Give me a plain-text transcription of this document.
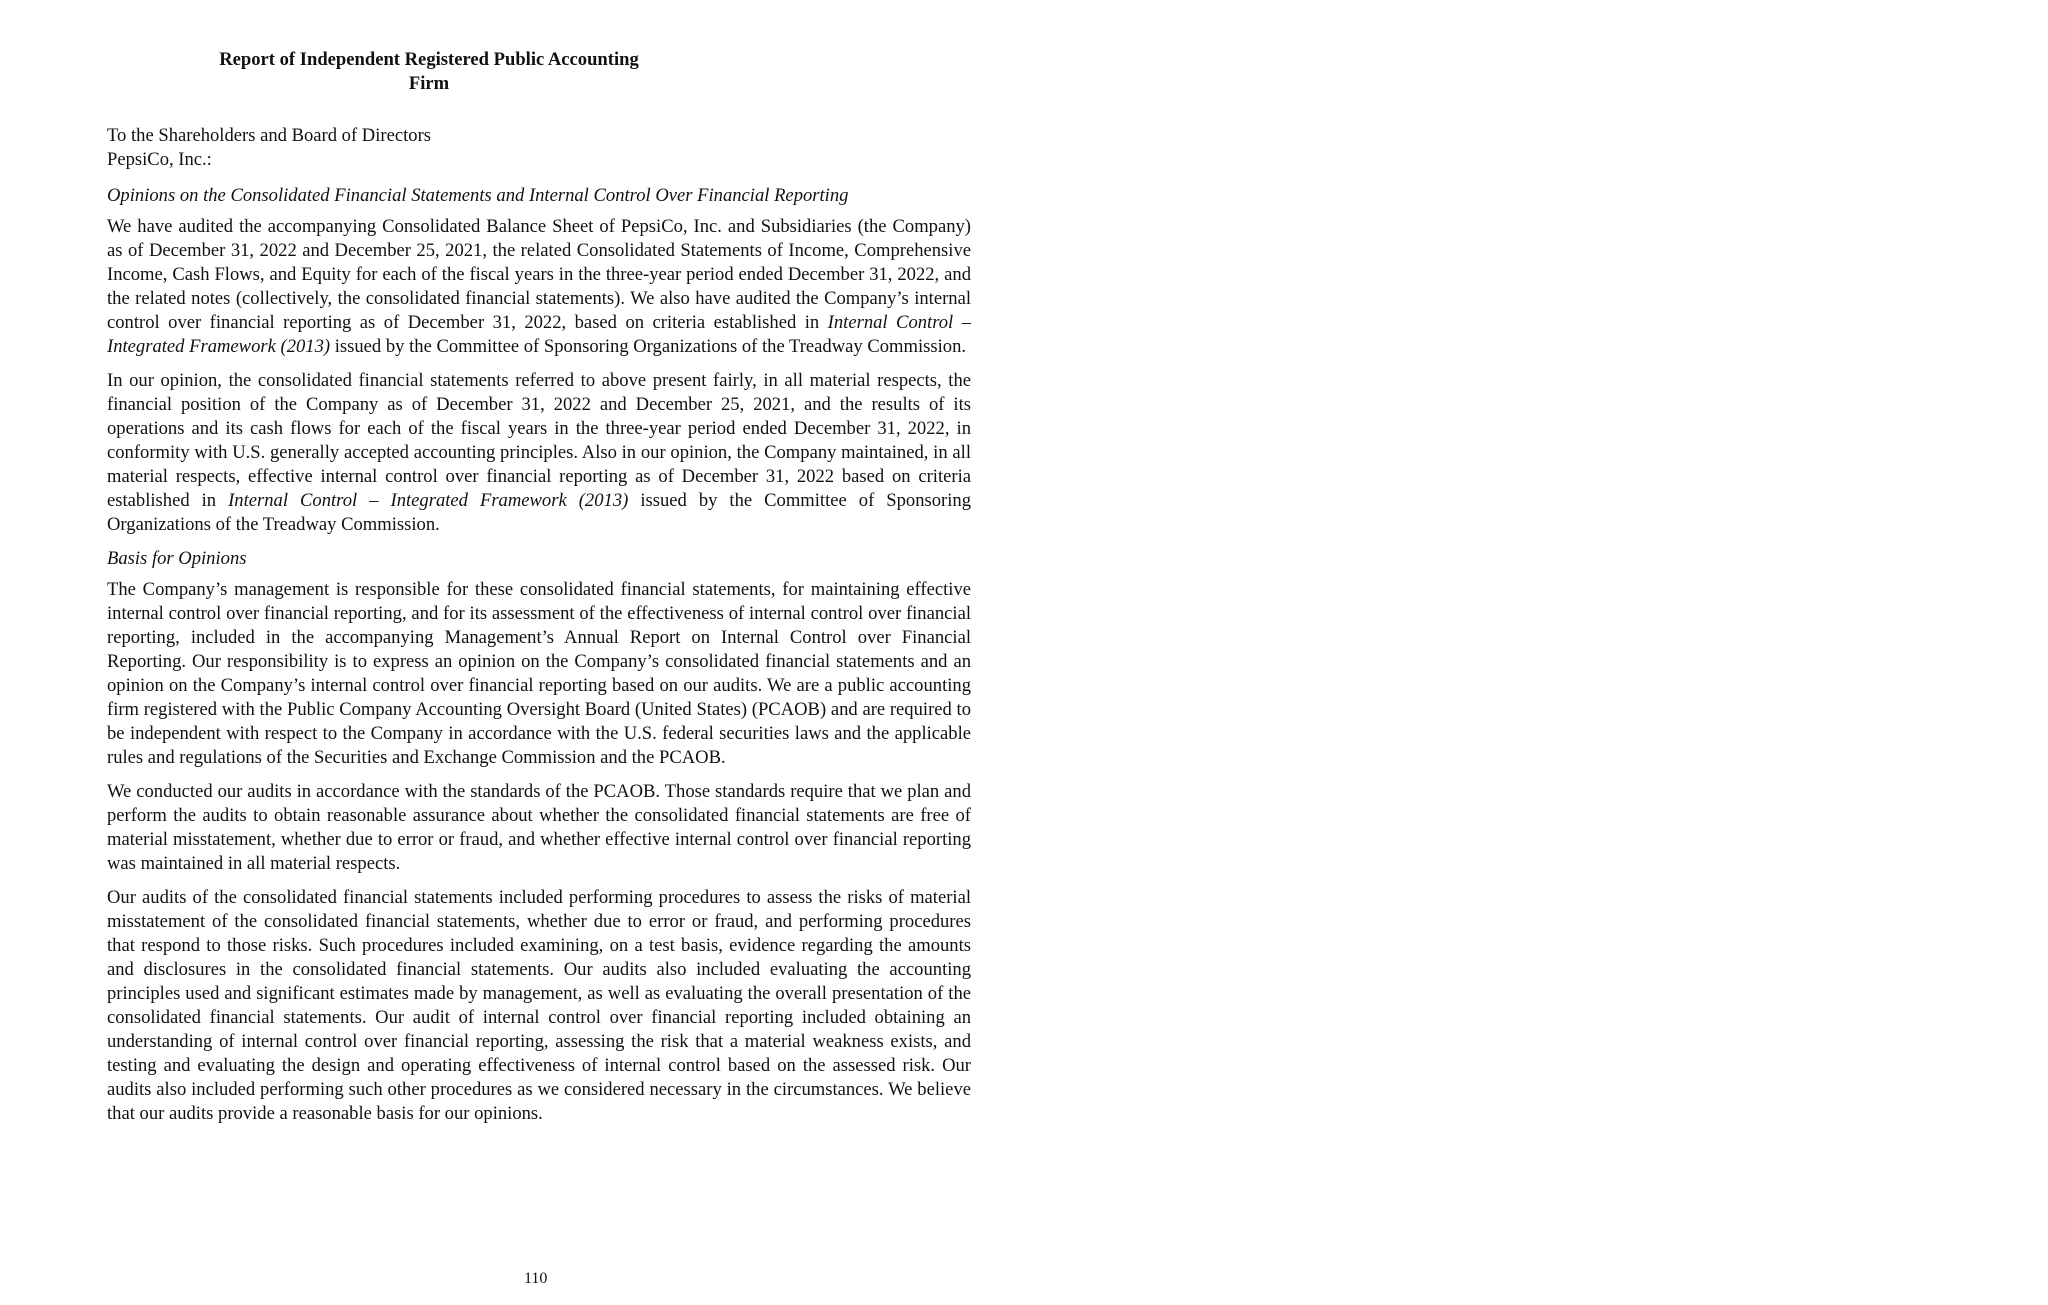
Report of Independent Registered Public Accounting Firm
To the Shareholders and Board of Directors
PepsiCo, Inc.:
Opinions on the Consolidated Financial Statements and Internal Control Over Financial Reporting

We have audited the accompanying Consolidated Balance Sheet of PepsiCo, Inc. and Subsidiaries (the Company) as of December 31, 2022 and December 25, 2021, the related Consolidated Statements of Income, Comprehensive Income, Cash Flows, and Equity for each of the fiscal years in the three-year period ended December 31, 2022, and the related notes (collectively, the consolidated financial statements). We also have audited the Company’s internal control over financial reporting as of December 31, 2022, based on criteria established in Internal Control – Integrated Framework (2013) issued by the Committee of Sponsoring Organizations of the Treadway Commission.

In our opinion, the consolidated financial statements referred to above present fairly, in all material respects, the financial position of the Company as of December 31, 2022 and December 25, 2021, and the results of its operations and its cash flows for each of the fiscal years in the three-year period ended December 31, 2022, in conformity with U.S. generally accepted accounting principles. Also in our opinion, the Company maintained, in all material respects, effective internal control over financial reporting as of December 31, 2022 based on criteria established in Internal Control – Integrated Framework (2013) issued by the Committee of Sponsoring Organizations of the Treadway Commission.

Basis for Opinions

The Company’s management is responsible for these consolidated financial statements, for maintaining effective internal control over financial reporting, and for its assessment of the effectiveness of internal control over financial reporting, included in the accompanying Management’s Annual Report on Internal Control over Financial Reporting. Our responsibility is to express an opinion on the Company’s consolidated financial statements and an opinion on the Company’s internal control over financial reporting based on our audits. We are a public accounting firm registered with the Public Company Accounting Oversight Board (United States) (PCAOB) and are required to be independent with respect to the Company in accordance with the U.S. federal securities laws and the applicable rules and regulations of the Securities and Exchange Commission and the PCAOB.

We conducted our audits in accordance with the standards of the PCAOB. Those standards require that we plan and perform the audits to obtain reasonable assurance about whether the consolidated financial statements are free of material misstatement, whether due to error or fraud, and whether effective internal control over financial reporting was maintained in all material respects.

Our audits of the consolidated financial statements included performing procedures to assess the risks of material misstatement of the consolidated financial statements, whether due to error or fraud, and performing procedures that respond to those risks. Such procedures included examining, on a test basis, evidence regarding the amounts and disclosures in the consolidated financial statements. Our audits also included evaluating the accounting principles used and significant estimates made by management, as well as evaluating the overall presentation of the consolidated financial statements. Our audit of internal control over financial reporting included obtaining an understanding of internal control over financial reporting, assessing the risk that a material weakness exists, and testing and evaluating the design and operating effectiveness of internal control based on the assessed risk. Our audits also included performing such other procedures as we considered necessary in the circumstances. We believe that our audits provide a reasonable basis for our opinions.

110
